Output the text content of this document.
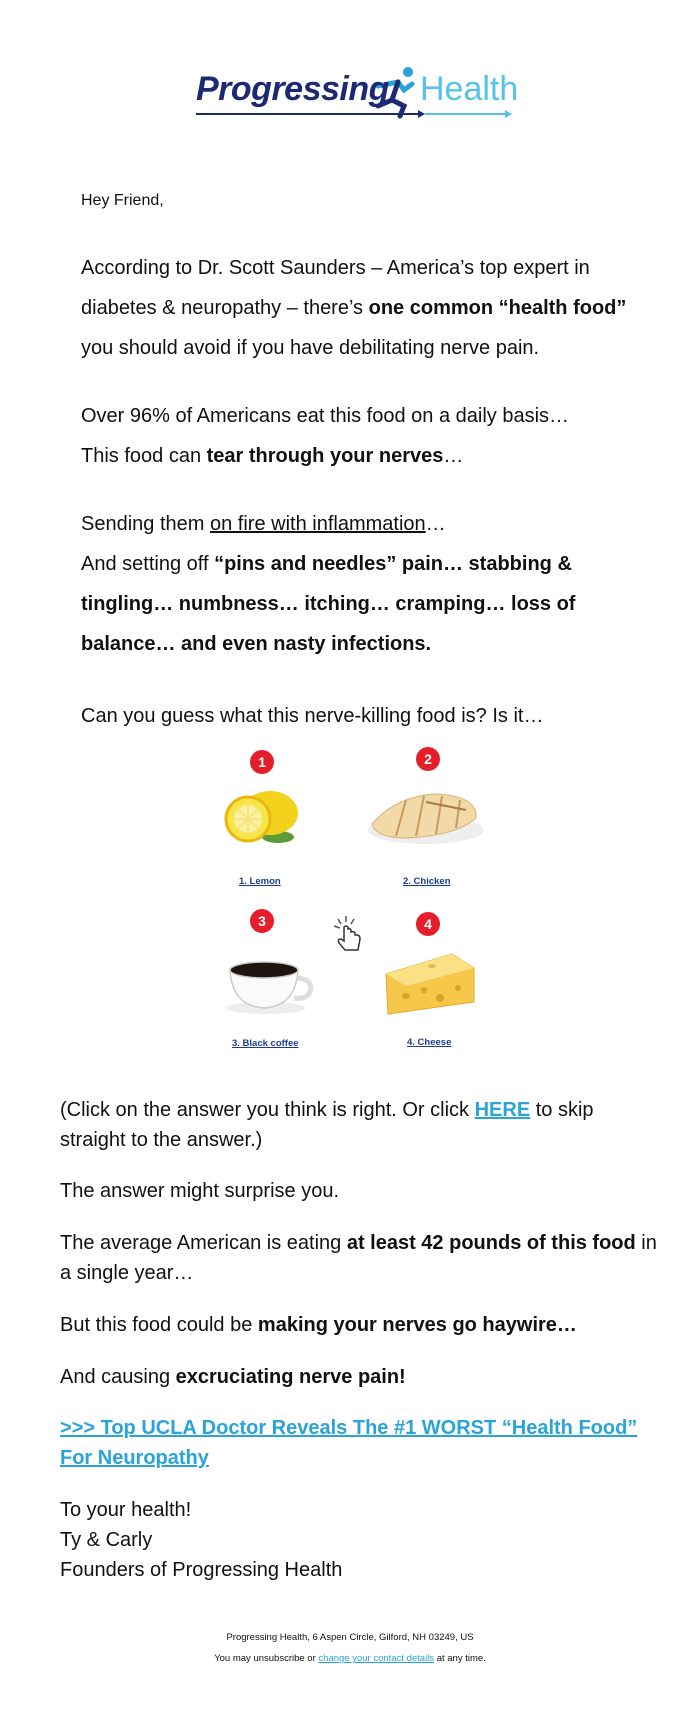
Progressing Health
Hey Friend,
According to Dr. Scott Saunders – America’s top expert in diabetes & neuropathy – there’s one common “health food” you should avoid if you have debilitating nerve pain.
Over 96% of Americans eat this food on a daily basis…
This food can tear through your nerves…
Sending them on fire with inflammation…
And setting off “pins and needles” pain… stabbing & tingling… numbness… itching… cramping… loss of balance… and even nasty infections.
Can you guess what this nerve-killing food is? Is it…
1
1. Lemon
2
2. Chicken
3
3. Black coffee
4
4. Cheese
(Click on the answer you think is right. Or click HERE to skip straight to the answer.)
The answer might surprise you.
The average American is eating at least 42 pounds of this food in a single year…
But this food could be making your nerves go haywire…
And causing excruciating nerve pain!
>>> Top UCLA Doctor Reveals The #1 WORST “Health Food” For Neuropathy
To your health!
Ty & Carly
Founders of Progressing Health
Progressing Health, 6 Aspen Circle, Gilford, NH 03249, US
You may unsubscribe or change your contact details at any time.
